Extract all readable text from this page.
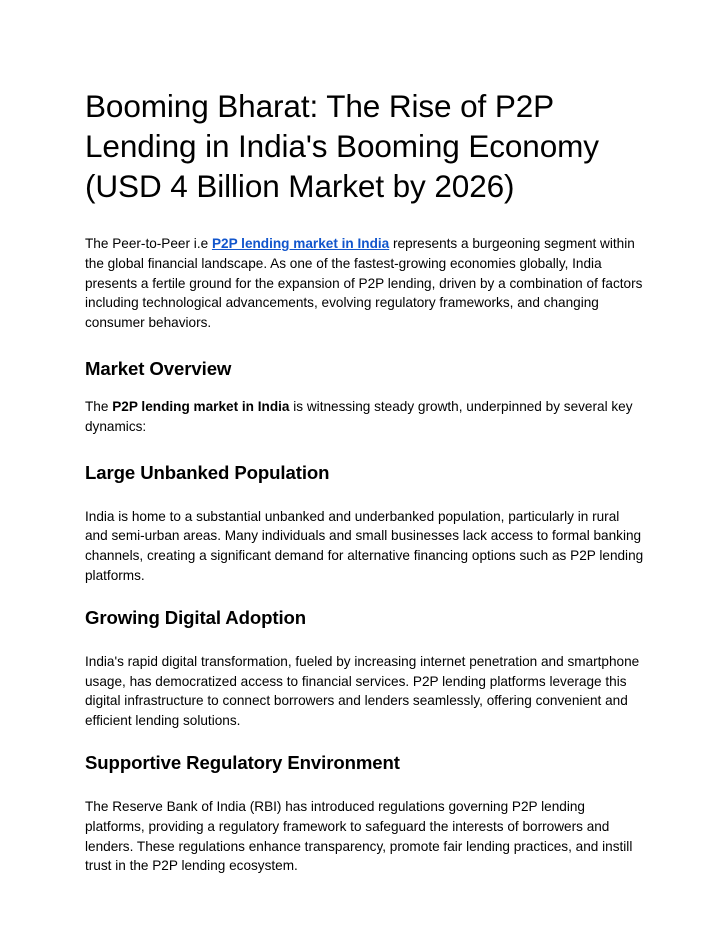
Booming Bharat: The Rise of P2P Lending in India's Booming Economy (USD 4 Billion Market by 2026)

The Peer-to-Peer i.e P2P lending market in India represents a burgeoning segment within the global financial landscape. As one of the fastest-growing economies globally, India presents a fertile ground for the expansion of P2P lending, driven by a combination of factors including technological advancements, evolving regulatory frameworks, and changing consumer behaviors.

Market Overview

The P2P lending market in India is witnessing steady growth, underpinned by several key dynamics:

Large Unbanked Population

India is home to a substantial unbanked and underbanked population, particularly in rural and semi-urban areas. Many individuals and small businesses lack access to formal banking channels, creating a significant demand for alternative financing options such as P2P lending platforms.

Growing Digital Adoption

India's rapid digital transformation, fueled by increasing internet penetration and smartphone usage, has democratized access to financial services. P2P lending platforms leverage this digital infrastructure to connect borrowers and lenders seamlessly, offering convenient and efficient lending solutions.

Supportive Regulatory Environment

The Reserve Bank of India (RBI) has introduced regulations governing P2P lending platforms, providing a regulatory framework to safeguard the interests of borrowers and lenders. These regulations enhance transparency, promote fair lending practices, and instill trust in the P2P lending ecosystem.
